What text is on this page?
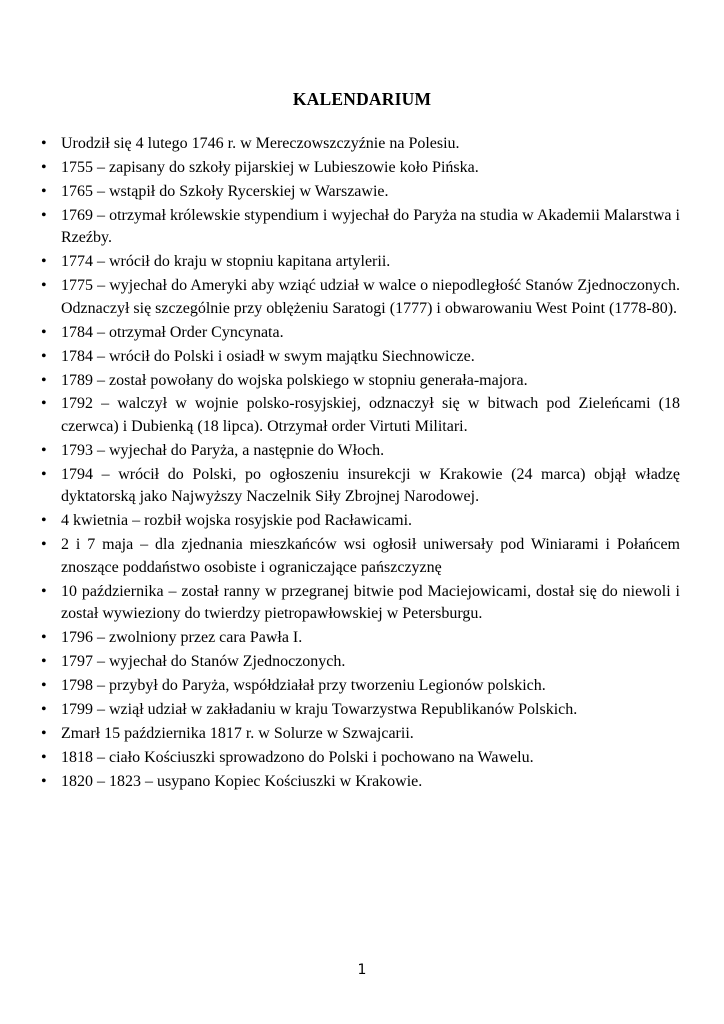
KALENDARIUM
• Urodził się 4 lutego 1746 r. w Mereczowszczyźnie na Polesiu.
• 1755 – zapisany do szkoły pijarskiej w Lubieszowie koło Pińska.
• 1765 – wstąpił do Szkoły Rycerskiej w Warszawie.
• 1769 – otrzymał królewskie stypendium i wyjechał do Paryża na studia w Akademii Malarstwa i Rzeźby.
• 1774 – wrócił do kraju w stopniu kapitana artylerii.
• 1775 – wyjechał do Ameryki aby wziąć udział w walce o niepodległość Stanów Zjednoczonych. Odznaczył się szczególnie przy oblężeniu Saratogi (1777) i obwarowaniu West Point (1778-80).
• 1784 – otrzymał Order Cyncynata.
• 1784 – wrócił do Polski i osiadł w swym majątku Siechnowicze.
• 1789 – został powołany do wojska polskiego w stopniu generała-majora.
• 1792 – walczył w wojnie polsko-rosyjskiej, odznaczył się w bitwach pod Zieleńcami (18 czerwca) i Dubienką (18 lipca). Otrzymał order Virtuti Militari.
• 1793 – wyjechał do Paryża, a następnie do Włoch.
• 1794 – wrócił do Polski, po ogłoszeniu insurekcji w Krakowie (24 marca) objął władzę dyktatorską jako Najwyższy Naczelnik Siły Zbrojnej Narodowej.
• 4 kwietnia – rozbił wojska rosyjskie pod Racławicami.
• 2 i 7 maja – dla zjednania mieszkańców wsi ogłosił uniwersały pod Winiarami i Połańcem znoszące poddaństwo osobiste i ograniczające pańszczyznę
• 10 października – został ranny w przegranej bitwie pod Maciejowicami, dostał się do niewoli i został wywieziony do twierdzy pietropawłowskiej w Petersburgu.
• 1796 – zwolniony przez cara Pawła I.
• 1797 – wyjechał do Stanów Zjednoczonych.
• 1798 – przybył do Paryża, współdziałał przy tworzeniu Legionów polskich.
• 1799 – wziął udział w zakładaniu w kraju Towarzystwa Republikanów Polskich.
• Zmarł 15 października 1817 r. w Solurze w Szwajcarii.
• 1818 – ciało Kościuszki sprowadzono do Polski i pochowano na Wawelu.
• 1820 – 1823 – usypano Kopiec Kościuszki w Krakowie.
1
